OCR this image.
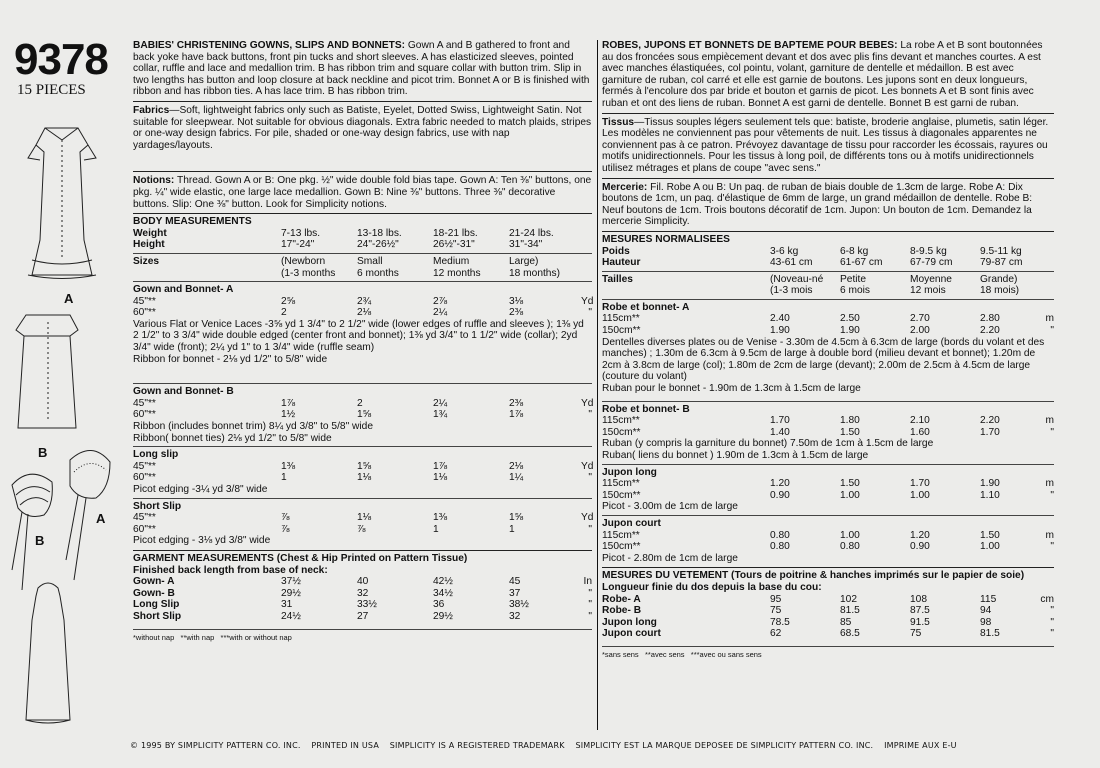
9378
15 PIECES
A
B
B
A

BABIES' CHRISTENING GOWNS, SLIPS AND BONNETS: Gown A and B gathered to front and back yoke have back buttons, front pin tucks and short sleeves. A has elasticized sleeves, pointed collar, ruffle and lace and medallion trim. B has ribbon trim and square collar with button trim. Slip in two lengths has button and loop closure at back neckline and picot trim. Bonnet A or B is finished with ribbon and has ribbon ties. A has lace trim. B has ribbon trim.

Fabrics—Soft, lightweight fabrics only such as Batiste, Eyelet, Dotted Swiss, Lightweight Satin. Not suitable for sleepwear. Not suitable for obvious diagonals. Extra fabric needed to match plaids, stripes or one-way design fabrics. For pile, shaded or one-way design fabrics, use with nap yardages/layouts.

Notions: Thread. Gown A or B: One pkg. ½" wide double fold bias tape. Gown A: Ten ⅜" buttons, one pkg. ¼" wide elastic, one large lace medallion. Gown B: Nine ⅜" buttons. Three ⅜" decorative buttons. Slip: One ⅜" button. Look for Simplicity notions.

BODY MEASUREMENTS
Weight	7-13 lbs.	13-18 lbs.	18-21 lbs.	21-24 lbs.
Height	17"-24"	24"-26½"	26½"-31"	31"-34"
Sizes	(Newborn	Small	Medium	Large)
(1-3 months	6 months	12 months	18 months)
Gown and Bonnet- A
45"**	2⅝	2¾	2⅞	3⅛	Yd
60"**	2	2⅛	2¼	2⅜	"

Various Flat or Venice Laces -3⅝ yd 1 3/4" to 2 1/2" wide (lower edges of ruffle and sleeves ); 1⅜ yd 2 1/2" to 3 3/4" wide double edged (center front and bonnet); 1⅜ yd 3/4" to 1 1/2" wide (collar); 2yd 3/4" wide (front); 2¼ yd 1" to 1 3/4" wide (ruffle seam)

Ribbon for bonnet - 2⅛ yd 1/2" to 5/8" wide

Gown and Bonnet- B
45"**	1⅞	2	2¼	2⅜	Yd
60"**	1½	1⅝	1¾	1⅞	"

Ribbon (includes bonnet trim) 8¼ yd 3/8" to 5/8" wide

Ribbon( bonnet ties) 2⅛ yd 1/2" to 5/8" wide

Long slip
45"**	1⅜	1⅝	1⅞	2⅛	Yd
60"**	1	1⅛	1⅛	1¼	"

Picot edging -3¼ yd 3/8" wide

Short Slip
45"**	⅞	1⅛	1⅜	1⅝	Yd
60"**	⅞	⅞	1	1	"

Picot edging - 3⅛ yd 3/8" wide

GARMENT MEASUREMENTS (Chest & Hip Printed on Pattern Tissue)
Finished back length from base of neck:
Gown- A	37½	40	42½	45	In
Gown- B	29½	32	34½	37	"
Long Slip	31	33½	36	38½	"
Short Slip	24½	27	29½	32	"
*without nap   **with nap   ***with or without nap

ROBES, JUPONS ET BONNETS DE BAPTEME POUR BEBES: La robe A et B sont boutonnées au dos froncées sous empiècement devant et dos avec plis fins devant et manches courtes. A est avec manches élastiquées, col pointu, volant, garniture de dentelle et médaillon. B est avec garniture de ruban, col carré et elle est garnie de boutons. Les jupons sont en deux longueurs, fermés à l'encolure dos par bride et bouton et garnis de picot. Les bonnets A et B sont finis avec ruban et ont des liens de ruban. Bonnet A est garni de dentelle. Bonnet B est garni de ruban.

Tissus—Tissus souples légers seulement tels que: batiste, broderie anglaise, plumetis, satin léger. Les modèles ne conviennent pas pour vêtements de nuit. Les tissus à diagonales apparentes ne conviennent pas à ce patron. Prévoyez davantage de tissu pour raccorder les écossais, rayures ou motifs unidirectionnels. Pour les tissus à long poil, de différents tons ou à motifs unidirectionnels utilisez métrages et plans de coupe "avec sens."

Mercerie: Fil. Robe A ou B: Un paq. de ruban de biais double de 1.3cm de large. Robe A: Dix boutons de 1cm, un paq. d'élastique de 6mm de large, un grand médaillon de dentelle. Robe B: Neuf boutons de 1cm. Trois boutons décoratif de 1cm. Jupon: Un bouton de 1cm. Demandez la mercerie Simplicity.

MESURES NORMALISEES
Poids	3-6 kg	6-8 kg	8-9.5 kg	9.5-11 kg
Hauteur	43-61 cm	61-67 cm	67-79 cm	79-87 cm
Tailles	(Noveau-né	Petite	Moyenne	Grande)
(1-3 mois	6 mois	12 mois	18 mois)
Robe et bonnet- A
115cm**	2.40	2.50	2.70	2.80	m
150cm**	1.90	1.90	2.00	2.20	"

Dentelles diverses plates ou de Venise - 3.30m de 4.5cm à 6.3cm de large (bords du volant et des manches) ; 1.30m de 6.3cm à 9.5cm de large à double bord (milieu devant et bonnet); 1.20m de 2cm à 3.8cm de large (col); 1.80m de 2cm de large (devant); 2.00m de 2.5cm à 4.5cm de large (couture du volant)

Ruban pour le bonnet - 1.90m de 1.3cm à 1.5cm de large

Robe et bonnet- B
115cm**	1.70	1.80	2.10	2.20	m
150cm**	1.40	1.50	1.60	1.70	"

Ruban (y compris la garniture du bonnet) 7.50m de 1cm à 1.5cm de large

Ruban( liens du bonnet ) 1.90m de 1.3cm à 1.5cm de large

Jupon long
115cm**	1.20	1.50	1.70	1.90	m
150cm**	0.90	1.00	1.00	1.10	"

Picot - 3.00m de 1cm de large

Jupon court
115cm**	0.80	1.00	1.20	1.50	m
150cm**	0.80	0.80	0.90	1.00	"

Picot - 2.80m de 1cm de large

MESURES DU VETEMENT (Tours de poitrine & hanches imprimés sur le papier de soie)
Longueur finie du dos depuis la base du cou:
Robe- A	95	102	108	115	cm
Robe- B	75	81.5	87.5	94	"
Jupon long	78.5	85	91.5	98	"
Jupon court	62	68.5	75	81.5	"
*sans sens   **avec sens   ***avec ou sans sens
© 1995 BY SIMPLICITY PATTERN CO. INC. PRINTED IN USA SIMPLICITY IS A REGISTERED TRADEMARK SIMPLICITY EST LA MARQUE DEPOSEE DE SIMPLICITY PATTERN CO. INC. IMPRIME AUX E-U
